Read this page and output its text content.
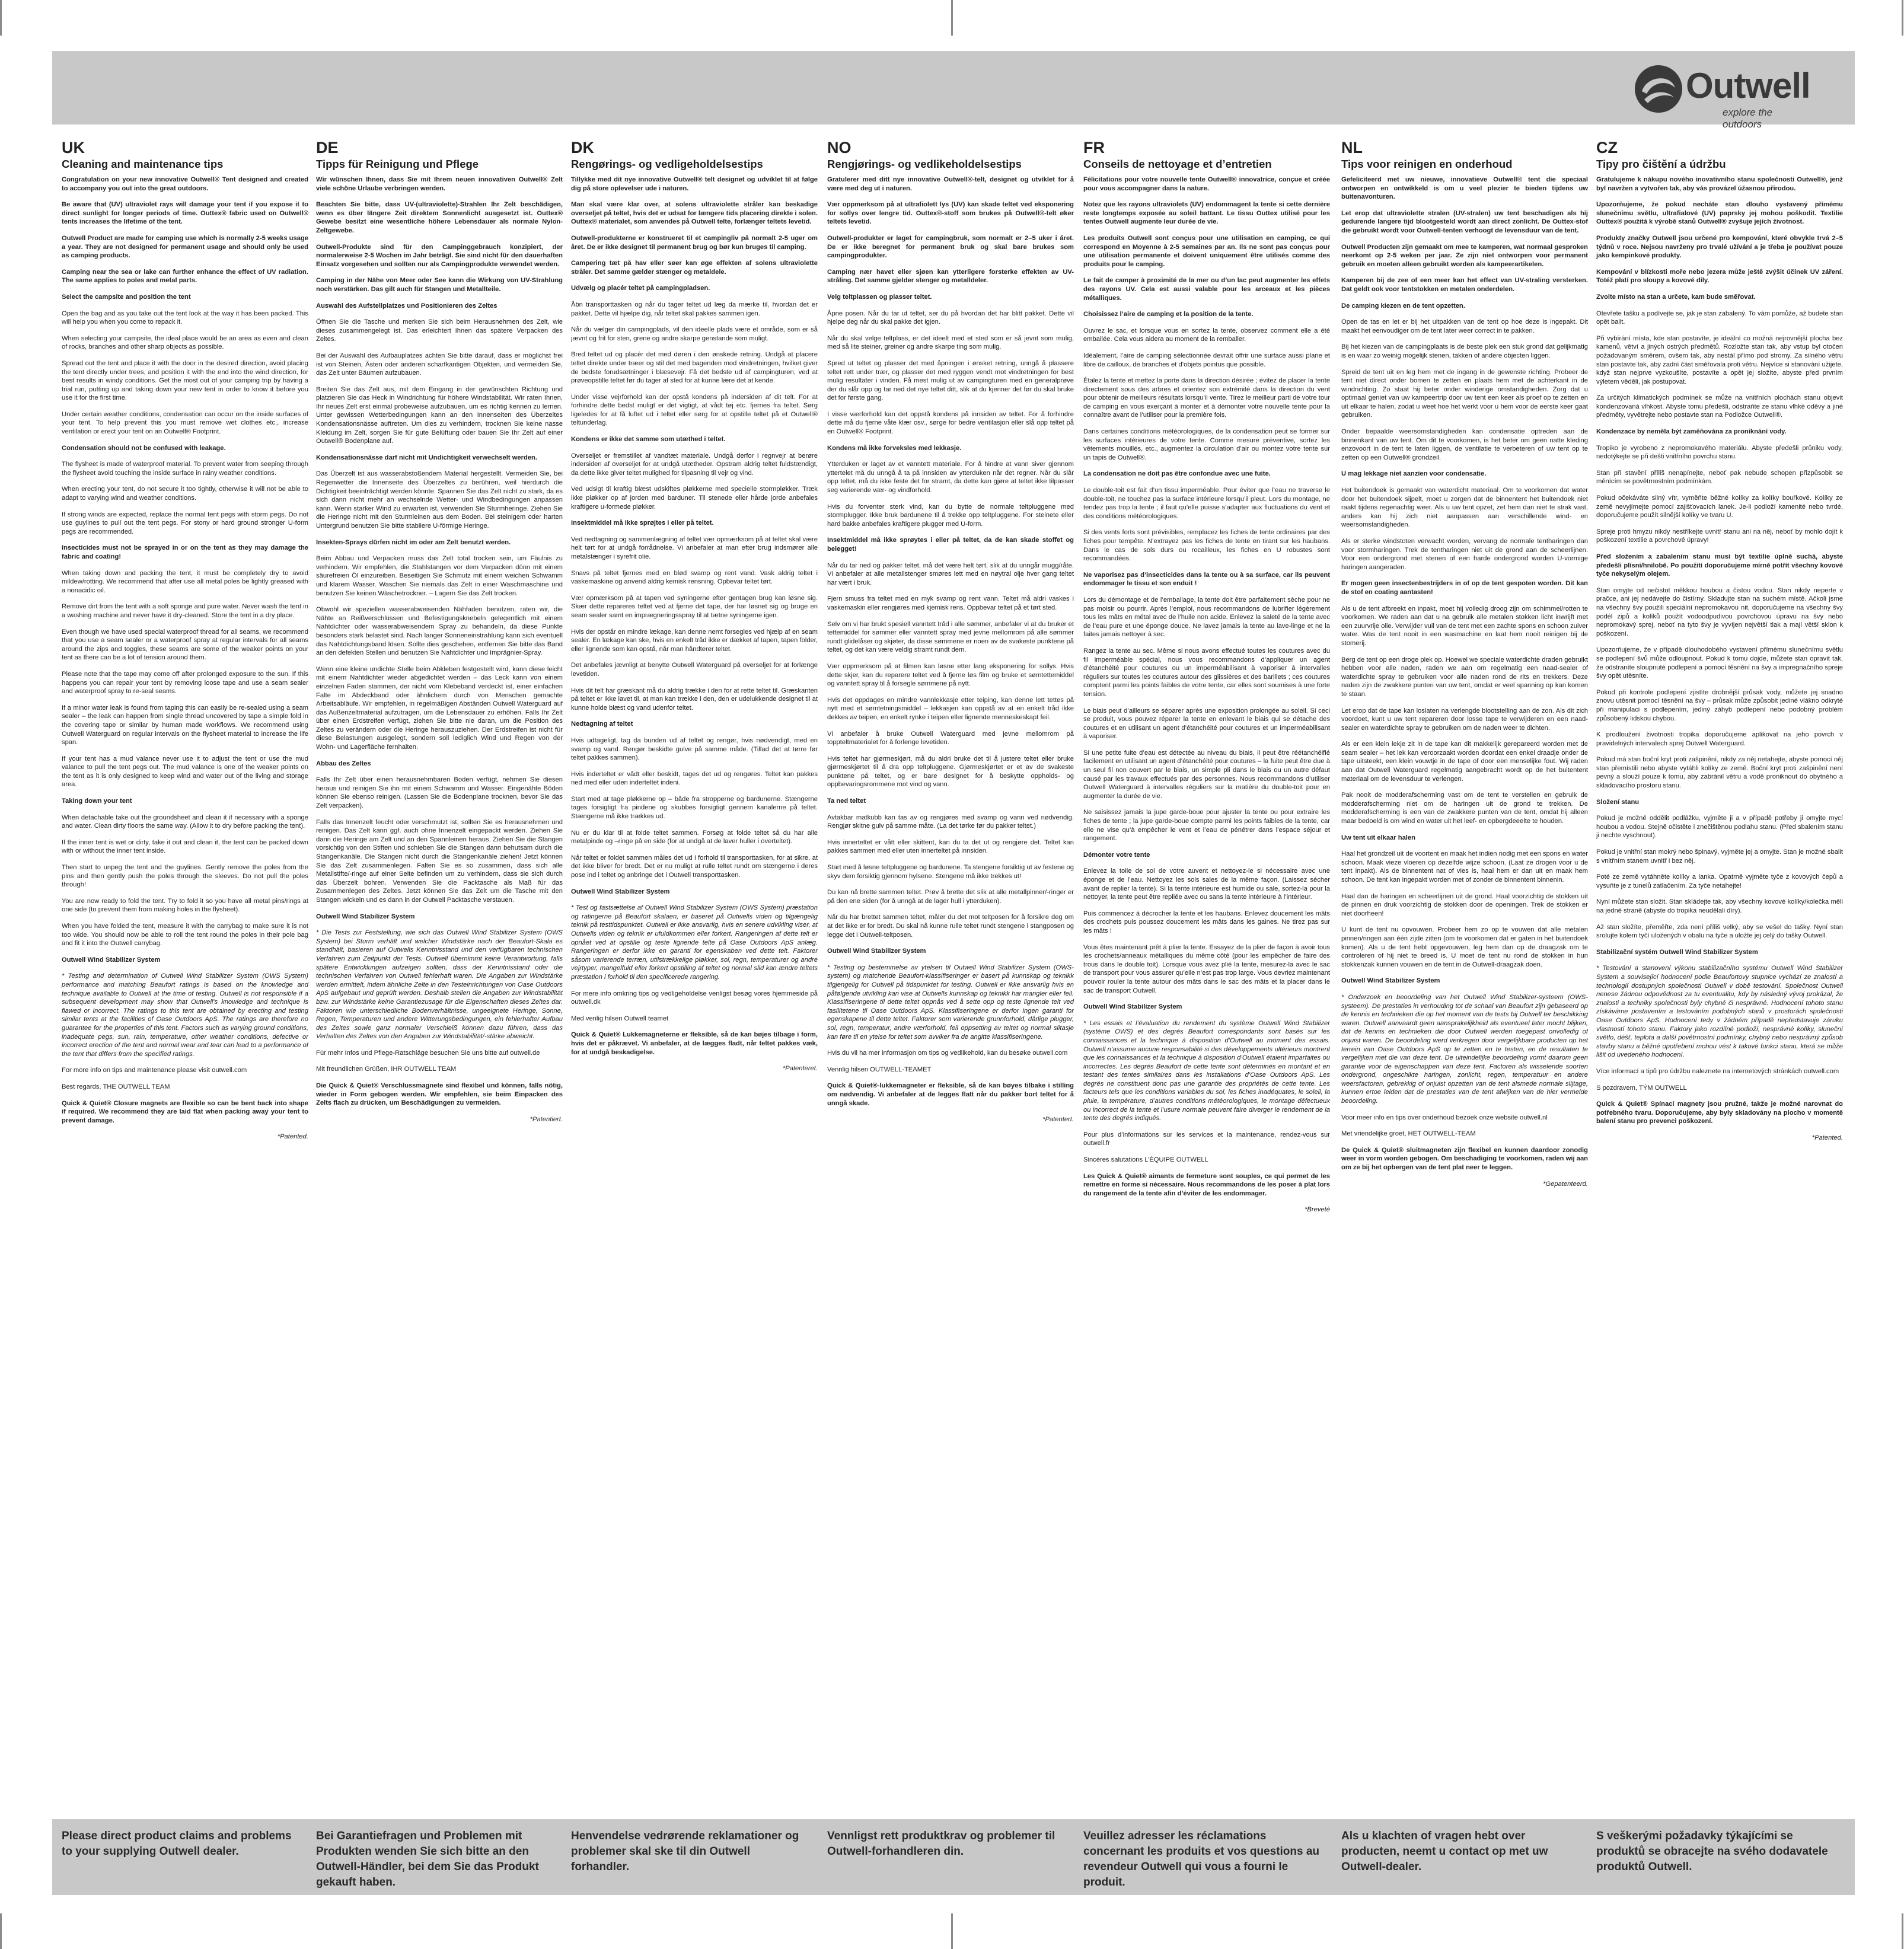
Outwell
explore the outdoors
UK
Cleaning and maintenance tips

Congratulation on your new innovative Outwell® Tent designed and created to accompany you out into the great outdoors.

Be aware that (UV) ultraviolet rays will damage your tent if you expose it to direct sunlight for longer periods of time. Outtex® fabric used on Outwell® tents increases the lifetime of the tent.

Outwell Product are made for camping use which is normally 2-5 weeks usage a year. They are not designed for permanent usage and should only be used as camping products.

Camping near the sea or lake can further enhance the effect of UV radiation. The same applies to poles and metal parts.

Select the campsite and position the tent

Open the bag and as you take out the tent look at the way it has been packed. This will help you when you come to repack it.

When selecting your campsite, the ideal place would be an area as even and clean of rocks, branches and other sharp objects as possible.

Spread out the tent and place it with the door in the desired direction, avoid placing the tent directly under trees, and position it with the end into the wind direction, for best results in windy conditions. Get the most out of your camping trip by having a trial run, putting up and taking down your new tent in order to know it before you use it for the first time.

Under certain weather conditions, condensation can occur on the inside surfaces of your tent. To help prevent this you must remove wet clothes etc., increase ventilation or erect your tent on an Outwell® Footprint.

Condensation should not be confused with leakage.

The flysheet is made of waterproof material. To prevent water from seeping through the flysheet avoid touching the inside surface in rainy weather conditions.

When erecting your tent, do not secure it too tightly, otherwise it will not be able to adapt to varying wind and weather conditions.

If strong winds are expected, replace the normal tent pegs with storm pegs. Do not use guylines to pull out the tent pegs. For stony or hard ground stronger U-form pegs are recommended.

Insecticides must not be sprayed in or on the tent as they may damage the fabric and coating!

When taking down and packing the tent, it must be completely dry to avoid mildew/rotting. We recommend that after use all metal poles be lightly greased with a nonacidic oil.

Remove dirt from the tent with a soft sponge and pure water. Never wash the tent in a washing machine and never have it dry-cleaned. Store the tent in a dry place.

Even though we have used special waterproof thread for all seams, we recommend that you use a seam sealer or a waterproof spray at regular intervals for all seams around the zips and toggles, these seams are some of the weaker points on your tent as there can be a lot of tension around them.

Please note that the tape may come off after prolonged exposure to the sun. If this happens you can repair your tent by removing loose tape and use a seam sealer and waterproof spray to re-seal seams.

If a minor water leak is found from taping this can easily be re-sealed using a seam sealer – the leak can happen from single thread uncovered by tape a simple fold in the covering tape or similar by human made workflows. We recommend using Outwell Waterguard on regular intervals on the flysheet material to increase the life span.

If your tent has a mud valance never use it to adjust the tent or use the mud valance to pull the tent pegs out. The mud valance is one of the weaker points on the tent as it is only designed to keep wind and water out of the living and storage area.

Taking down your tent

When detachable take out the groundsheet and clean it if necessary with a sponge and water. Clean dirty floors the same way. (Allow it to dry before packing the tent).

If the inner tent is wet or dirty, take it out and clean it, the tent can be packed down with or without the inner tent inside.

Then start to unpeg the tent and the guylines. Gently remove the poles from the pins and then gently push the poles through the sleeves. Do not pull the poles through!

You are now ready to fold the tent. Try to fold it so you have all metal pins/rings at one side (to prevent them from making holes in the flysheet).

When you have folded the tent, measure it with the carrybag to make sure it is not too wide. You should now be able to roll the tent round the poles in their pole bag and fit it into the Outwell carrybag.

Outwell Wind Stabilizer System

* Testing and determination of Outwell Wind Stabilizer System (OWS System) performance and matching Beaufort ratings is based on the knowledge and technique available to Outwell at the time of testing. Outwell is not responsible if a subsequent development may show that Outwell's knowledge and technique is flawed or incorrect. The ratings to this tent are obtained by erecting and testing similar tents at the facilities of Oase Outdoors ApS. The ratings are therefore no guarantee for the properties of this tent. Factors such as varying ground conditions, inadequate pegs, sun, rain, temperature, other weather conditions, defective or incorrect erection of the tent and normal wear and tear can lead to a performance of the tent that differs from the specified ratings.

For more info on tips and maintenance please visit outwell.com

Best regards, THE OUTWELL TEAM

Quick & Quiet® Closure magnets are flexible so can be bent back into shape if required. We recommend they are laid flat when packing away your tent to prevent damage.

*Patented.

DE
Tipps für Reinigung und Pflege

Wir wünschen Ihnen, dass Sie mit Ihrem neuen innovativen Outwell® Zelt viele schöne Urlaube verbringen werden.

Beachten Sie bitte, dass UV-(ultraviolette)-Strahlen Ihr Zelt beschädigen, wenn es über längere Zeit direktem Sonnenlicht ausgesetzt ist. Outtex® Gewebe besitzt eine wesentliche höhere Lebensdauer als normale Nylon-Zeltgewebe.

Outwell-Produkte sind für den Campinggebrauch konzipiert, der normalerweise 2-5 Wochen im Jahr beträgt. Sie sind nicht für den dauerhaften Einsatz vorgesehen und sollten nur als Campingprodukte verwendet werden.

Camping in der Nähe von Meer oder See kann die Wirkung von UV-Strahlung noch verstärken. Das gilt auch für Stangen und Metallteile.

Auswahl des Aufstellplatzes und Positionieren des Zeltes

Öffnen Sie die Tasche und merken Sie sich beim Herausnehmen des Zelt, wie dieses zusammengelegt ist. Das erleichtert Ihnen das spätere Verpacken des Zeltes.

Bei der Auswahl des Aufbauplatzes achten Sie bitte darauf, dass er möglichst frei ist von Steinen, Ästen oder anderen scharfkantigen Objekten, und vermeiden Sie, das Zelt unter Bäumen aufzubauen.

Breiten Sie das Zelt aus, mit dem Eingang in der gewünschten Richtung und platzieren Sie das Heck in Windrichtung für höhere Windstabilität. Wir raten Ihnen, Ihr neues Zelt erst einmal probeweise aufzubauen, um es richtig kennen zu lernen. Unter gewissen Wetterbedingungen kann an den Innenseiten des Überzeltes Kondensationsnässe auftreten. Um dies zu verhindern, trocknen Sie keine nasse Kleidung im Zelt, sorgen Sie für gute Belüftung oder bauen Sie Ihr Zelt auf einer Outwell® Bodenplane auf.

Kondensationsnässe darf nicht mit Undichtigkeit verwechselt werden.

Das Überzelt ist aus wasserabstoßendem Material hergestellt. Vermeiden Sie, bei Regenwetter die Innenseite des Überzeltes zu berühren, weil hierdurch die Dichtigkeit beeinträchtigt werden könnte. Spannen Sie das Zelt nicht zu stark, da es sich dann nicht mehr an wechselnde Wetter- und Windbedingungen anpassen kann. Wenn starker Wind zu erwarten ist, verwenden Sie Sturmheringe. Ziehen Sie die Heringe nicht mit den Sturmleinen aus dem Boden. Bei steinigem oder harten Untergrund benutzen Sie bitte stabilere U-förmige Heringe.

Insekten-Sprays dürfen nicht im oder am Zelt benutzt werden.

Beim Abbau und Verpacken muss das Zelt total trocken sein, um Fäulnis zu verhindern. Wir empfehlen, die Stahlstangen vor dem Verpacken dünn mit einem säurefreien Öl einzureiben. Beseitigen Sie Schmutz mit einem weichen Schwamm und klarem Wasser. Waschen Sie niemals das Zelt in einer Waschmaschine und benutzen Sie keinen Wäschetrockner. – Lagern Sie das Zelt trocken.

Obwohl wir speziellen wasserabweisenden Nähfaden benutzen, raten wir, die Nähte an Reißverschlüssen und Befestigungsknebeln gelegentlich mit einem Nahtdichter oder wasserabweisendem Spray zu behandeln, da diese Punkte besonders stark belastet sind. Nach langer Sonneneinstrahlung kann sich eventuell das Nahtdichtungsband lösen. Sollte dies geschehen, entfernen Sie bitte das Band an den defekten Stellen und benutzen Sie Nahtdichter und Imprägnier-Spray.

Wenn eine kleine undichte Stelle beim Abkleben festgestellt wird, kann diese leicht mit einem Nahtdichter wieder abgedichtet werden – das Leck kann von einem einzelnen Faden stammen, der nicht vom Klebeband verdeckt ist, einer einfachen Falte im Abdeckband oder ähnlichem durch von Menschen gemachte Arbeitsabläufe. Wir empfehlen, in regelmäßigen Abständen Outwell Waterguard auf das Außenzeltmaterial aufzutragen, um die Lebensdauer zu erhöhen. Falls Ihr Zelt über einen Erdstreifen verfügt, ziehen Sie bitte nie daran, um die Position des Zeltes zu verändern oder die Heringe herauszuziehen. Der Erdstreifen ist nicht für diese Belastungen ausgelegt, sondern soll lediglich Wind und Regen von der Wohn- und Lagerfläche fernhalten.

Abbau des Zeltes

Falls Ihr Zelt über einen herausnehmbaren Boden verfügt, nehmen Sie diesen heraus und reinigen Sie ihn mit einem Schwamm und Wasser. Eingenähte Böden können Sie ebenso reinigen. (Lassen Sie die Bodenplane trocknen, bevor Sie das Zelt verpacken).

Falls das Innenzelt feucht oder verschmutzt ist, sollten Sie es herausnehmen und reinigen. Das Zelt kann ggf. auch ohne Innenzelt eingepackt werden. Ziehen Sie dann die Heringe am Zelt und an den Spannleinen heraus. Ziehen Sie die Stangen vorsichtig von den Stiften und schieben Sie die Stangen dann behutsam durch die Stangenkanäle. Die Stangen nicht durch die Stangenkanäle ziehen! Jetzt können Sie das Zelt zusammenlegen. Falten Sie es so zusammen, dass sich alle Metallstifte/-ringe auf einer Seite befinden um zu verhindern, dass sie sich durch das Überzelt bohren. Verwenden Sie die Packtasche als Maß für das Zusammenlegen des Zeltes. Jetzt können Sie das Zelt um die Tasche mit den Stangen wickeln und es dann in der Outwell Packtasche verstauen.

Outwell Wind Stabilizer System

* Die Tests zur Feststellung, wie sich das Outwell Wind Stabilizer System (OWS System) bei Sturm verhält und welcher Windstärke nach der Beaufort-Skala es standhält, basieren auf Outwells Kenntnisstand und den verfügbaren technischen Verfahren zum Zeitpunkt der Tests. Outwell übernimmt keine Verantwortung, falls spätere Entwicklungen aufzeigen sollten, dass der Kenntnisstand oder die technischen Verfahren von Outwell fehlerhaft waren. Die Angaben zur Windstärke werden ermittelt, indem ähnliche Zelte in den Testeinrichtungen von Oase Outdoors ApS aufgebaut und geprüft werden. Deshalb stellen die Angaben zur Windstabilität bzw. zur Windstärke keine Garantiezusage für die Eigenschaften dieses Zeltes dar. Faktoren wie unterschiedliche Bodenverhältnisse, ungeeignete Heringe, Sonne, Regen, Temperaturen und andere Witterungsbedingungen, ein fehlerhafter Aufbau des Zeltes sowie ganz normaler Verschleiß können dazu führen, dass das Verhalten des Zeltes von den Angaben zur Windstabilität/-stärke abweicht.

Für mehr Infos und Pflege-Ratschläge besuchen Sie uns bitte auf outwell.de

Mit freundlichen Grüßen, IHR OUTWELL TEAM

Die Quick & Quiet® Verschlussmagnete sind flexibel und können, falls nötig, wieder in Form gebogen werden. Wir empfehlen, sie beim Einpacken des Zelts flach zu drücken, um Beschädigungen zu vermeiden.

*Patentiert.

DK
Rengørings- og vedligeholdelsestips

Tillykke med dit nye innovative Outwell® telt designet og udviklet til at følge dig på store oplevelser ude i naturen.

Man skal være klar over, at solens ultraviolette stråler kan beskadige overseljet på teltet, hvis det er udsat for længere tids placering direkte i solen. Outtex® materialet, som anvendes på Outwell telte, forlænger teltets levetid.

Outwell-produkterne er konstrueret til et campingliv på normalt 2-5 uger om året. De er ikke designet til permanent brug og bør kun bruges til camping.

Campering tæt på hav eller søer kan øge effekten af solens ultraviolette stråler. Det samme gælder stænger og metaldele.

Udvælg og placér teltet på campingpladsen.

Åbn transporttasken og når du tager teltet ud læg da mærke til, hvordan det er pakket. Dette vil hjælpe dig, når teltet skal pakkes sammen igen.

Når du vælger din campingplads, vil den ideelle plads være et område, som er så jævnt og frit for sten, grene og andre skarpe genstande som muligt.

Bred teltet ud og placér det med døren i den ønskede retning. Undgå at placere teltet direkte under træer og stil det med bagenden mod vindretningen, hvilket giver de bedste forudsætninger i blæsevejr. Få det bedste ud af campingturen, ved at prøveopstille teltet før du tager af sted for at kunne lære det at kende.

Under visse vejrforhold kan der opstå kondens på indersiden af dit telt. For at forhindre dette bedst muligt er det vigtigt, at vådt tøj etc. fjernes fra teltet. Sørg ligeledes for at få luftet ud i teltet eller sørg for at opstille teltet på et Outwell® teltunderlag.

Kondens er ikke det samme som utæthed i teltet.

Overseljet er fremstillet af vandtæt materiale. Undgå derfor i regnvejr at berøre indersiden af overseljet for at undgå utætheder. Opstram aldrig teltet fuldstændigt, da dette ikke giver teltet mulighed for tilpasning til vejr og vind.

Ved udsigt til kraftig blæst udskiftes pløkkerne med specielle stormpløkker. Træk ikke pløkker op af jorden med barduner. Til stenede eller hårde jorde anbefales kraftigere u-formede pløkker.

Insektmiddel må ikke sprøjtes i eller på teltet.

Ved nedtagning og sammenlægning af teltet vær opmærksom på at teltet skal være helt tørt for at undgå forrådnelse. Vi anbefaler at man efter brug indsmører alle metalstænger i syrefrit olie.

Snavs på teltet fjernes med en blød svamp og rent vand. Vask aldrig teltet i vaskemaskine og anvend aldrig kemisk rensning. Opbevar teltet tørt.

Vær opmærksom på at tapen ved syningerne efter gentagen brug kan løsne sig. Skær dette repareres teltet ved at fjerne det tape, der har løsnet sig og bruge en seam sealer samt en imprægneringsspray til at tætne syningerne igen.

Hvis der opstår en mindre lækage, kan denne nemt forsegles ved hjælp af en seam sealer. En lækage kan ske, hvis en enkelt tråd ikke er dækket af tapen, tapen folder, eller lignende som kan opstå, når man håndterer teltet.

Det anbefales jævnligt at benytte Outwell Waterguard på overseljet for at forlænge levetiden.

Hvis dit telt har græskant må du aldrig trække i den for at rette teltet til. Græskanten på teltet er ikke lavet til, at man kan trække i den, den er udelukkende designet til at kunne holde blæst og vand udenfor teltet.

Nedtagning af teltet

Hvis udtageligt, tag da bunden ud af teltet og rengør, hvis nødvendigt, med en svamp og vand. Rengør beskidte gulve på samme måde. (Tillad det at tørre før teltet pakkes sammen).

Hvis inderteltet er vådt eller beskidt, tages det ud og rengøres. Teltet kan pakkes ned med eller uden inderteltet indeni.

Start med at tage pløkkerne op – både fra stropperne og bardunerne. Stængerne tages forsigtigt fra pindene og skubbes forsigtigt gennem kanalerne på teltet. Stængerne må ikke trækkes ud.

Nu er du klar til at folde teltet sammen. Forsøg at folde teltet så du har alle metalpinde og –ringe på en side (for at undgå at de laver huller i overteltet).

Når teltet er foldet sammen måles det ud i forhold til transporttasken, for at sikre, at det ikke bliver for bredt. Det er nu muligt at rulle teltet rundt om stængerne i deres pose ind i teltet og anbringe det i Outwell transporttasken.

Outwell Wind Stabilizer System

* Test og fastsættelse af Outwell Wind Stabilizer System (OWS System) præstation og ratingerne på Beaufort skalaen, er baseret på Outwells viden og tilgængelig teknik på testtidspunktet. Outwell er ikke ansvarlig, hvis en senere udvikling viser, at Outwells viden og teknik er ufuldkommen eller forkert. Rangeringen af dette telt er opnået ved at opstille og teste lignende telte på Oase Outdoors ApS anlæg. Rangeringen er derfor ikke en garanti for egenskaben ved dette telt. Faktorer såsom varierende terræn, utilstrækkelige pløkker, sol, regn, temperaturer og andre vejrtyper, mangelfuld eller forkert opstilling af teltet og normal slid kan ændre teltets præstation i forhold til den specificerede rangering.

For mere info omkring tips og vedligeholdelse venligst besøg vores hjemmeside på outwell.dk

Med venlig hilsen Outwell teamet

Quick & Quiet® Lukkemagneterne er fleksible, så de kan bøjes tilbage i form, hvis det er påkrævet. Vi anbefaler, at de lægges fladt, når teltet pakkes væk, for at undgå beskadigelse.

*Patenteret.

NO
Rengjørings- og vedlikeholdelsestips

Gratulerer med ditt nye innovative Outwell®-telt, designet og utviklet for å være med deg ut i naturen.

Vær oppmerksom på at ultrafiolett lys (UV) kan skade teltet ved eksponering for sollys over lengre tid. Outtex®-stoff som brukes på Outwell®-telt øker teltets levetid.

Outwell-produkter er laget for campingbruk, som normalt er 2–5 uker i året. De er ikke beregnet for permanent bruk og skal bare brukes som campingprodukter.

Camping nær havet eller sjøen kan ytterligere forsterke effekten av UV-stråling. Det samme gjelder stenger og metalldeler.

Velg teltplassen og plasser teltet.

Åpne posen. Når du tar ut teltet, ser du på hvordan det har blitt pakket. Dette vil hjelpe deg når du skal pakke det igjen.

Når du skal velge teltplass, er det ideelt med et sted som er så jevnt som mulig, med så lite steiner, greiner og andre skarpe ting som mulig.

Spred ut teltet og plasser det med åpningen i ønsket retning, unngå å plassere teltet rett under trær, og plasser det med ryggen vendt mot vindretningen for best mulig resultater i vinden. Få mest mulig ut av campingturen med en generalprøve der du slår opp og tar ned det nye teltet ditt, slik at du kjenner det før du skal bruke det for første gang.

I visse værforhold kan det oppstå kondens på innsiden av teltet. For å forhindre dette må du fjerne våte klær osv., sørge for bedre ventilasjon eller slå opp teltet på en Outwell® Footprint.

Kondens må ikke forveksles med lekkasje.

Ytterduken er laget av et vanntett materiale. For å hindre at vann siver gjennom yttertelet må du unngå å ta på innsiden av ytterduken når det regner. Når du slår opp teltet, må du ikke feste det for stramt, da dette kan gjøre at teltet ikke tilpasser seg varierende vær- og vindforhold.

Hvis du forventer sterk vind, kan du bytte de normale teltpluggene med stormplugger. Ikke bruk bardunene til å trekke opp teltpluggene. For steinete eller hard bakke anbefales kraftigere plugger med U-form.

Insektmiddel må ikke sprøytes i eller på teltet, da de kan skade stoffet og belegget!

Når du tar ned og pakker teltet, må det være helt tørt, slik at du unngår mugg/råte. Vi anbefaler at alle metallstenger smøres lett med en nøytral olje hver gang teltet har vært i bruk.

Fjern smuss fra teltet med en myk svamp og rent vann. Teltet må aldri vaskes i vaskemaskin eller rengjøres med kjemisk rens. Oppbevar teltet på et tørt sted.

Selv om vi har brukt spesiell vanntett tråd i alle sømmer, anbefaler vi at du bruker et tettemiddel for sømmer eller vanntett spray med jevne mellomrom på alle sømmer rundt glidelåser og skjøter, da disse sømmene er noen av de svakeste punktene på teltet, og det kan være veldig stramt rundt dem.

Vær oppmerksom på at filmen kan løsne etter lang eksponering for sollys. Hvis dette skjer, kan du reparere teltet ved å fjerne løs film og bruke et sømtettemiddel og vanntett spray til å forsegle sømmene på nytt.

Hvis det oppdages en mindre vannlekkasje etter teiping, kan denne lett tettes på nytt med et sømtetningsmiddel – lekkasjen kan oppstå av at en enkelt tråd ikke dekkes av teipen, en enkelt rynke i teipen eller lignende menneskeskapt feil.

Vi anbefaler å bruke Outwell Waterguard med jevne mellomrom på toppteltmaterialet for å forlenge levetiden.

Hvis teltet har gjørmeskjørt, må du aldri bruke det til å justere teltet eller bruke gjørmeskjørtet til å dra opp teltpluggene. Gjørmeskjørtet er et av de svakeste punktene på teltet, og er bare designet for å beskytte oppholds- og oppbevaringsrommene mot vind og vann.

Ta ned teltet

Avtakbar matkubb kan tas av og rengjøres med svamp og vann ved nødvendig. Rengjør skitne gulv på samme måte. (La det tørke før du pakker teltet.)

Hvis innerteltet er vått eller skittent, kan du ta det ut og rengjøre det. Teltet kan pakkes sammen med eller uten innerteltet på innsiden.

Start med å løsne teltpluggene og bardunene. Ta stengene forsiktig ut av festene og skyv dem forsiktig gjennom hylsene. Stengene må ikke trekkes ut!

Du kan nå brette sammen teltet. Prøv å brette det slik at alle metallpinner/-ringer er på den ene siden (for å unngå at de lager hull i ytterduken).

Når du har brettet sammen teltet, måler du det mot teltposen for å forsikre deg om at det ikke er for bredt. Du skal nå kunne rulle teltet rundt stengene i stangposen og legge det i Outwell-teltposen.

Outwell Wind Stabilizer System

* Testing og bestemmelse av ytelsen til Outwell Wind Stabilizer System (OWS-system) og matchende Beaufort-klassifiseringer er basert på kunnskap og teknikk tilgjengelig for Outwell på tidspunktet for testing. Outwell er ikke ansvarlig hvis en påfølgende utvikling kan vise at Outwells kunnskap og teknikk har mangler eller feil. Klassifiseringene til dette teltet oppnås ved å sette opp og teste lignende telt ved fasilitetene til Oase Outdoors ApS. Klassifiseringene er derfor ingen garanti for egenskapene til dette teltet. Faktorer som varierende grunnforhold, dårlige plugger, sol, regn, temperatur, andre værforhold, feil oppsetting av teltet og normal slitasje kan føre til en ytelse for teltet som avviker fra de angitte klassifiseringene.

Hvis du vil ha mer informasjon om tips og vedlikehold, kan du besøke outwell.com

Vennlig hilsen OUTWELL-TEAMET

Quick & Quiet®-lukkemagneter er fleksible, så de kan bøyes tilbake i stilling om nødvendig. Vi anbefaler at de legges flatt når du pakker bort teltet for å unngå skade.

*Patentert.

FR
Conseils de nettoyage et d’entretien

Félicitations pour votre nouvelle tente Outwell® innovatrice, conçue et créée pour vous accompagner dans la nature.

Notez que les rayons ultraviolets (UV) endommagent la tente si cette dernière reste longtemps exposée au soleil battant. Le tissu Outtex utilisé pour les tentes Outwell augmente leur durée de vie.

Les produits Outwell sont conçus pour une utilisation en camping, ce qui correspond en Moyenne à 2-5 semaines par an. Ils ne sont pas conçus pour une utilisation permanente et doivent uniquement être utilisés comme des produits pour le camping.

Le fait de camper à proximité de la mer ou d’un lac peut augmenter les effets des rayons UV. Cela est aussi valable pour les arceaux et les pièces métalliques.

Choisissez l’aire de camping et la position de la tente.

Ouvrez le sac, et lorsque vous en sortez la tente, observez comment elle a été emballée. Cela vous aidera au moment de la remballer.

Idéalement, l’aire de camping sélectionnée devrait offrir une surface aussi plane et libre de cailloux, de branches et d’objets pointus que possible.

Étalez la tente et mettez la porte dans la direction désirée ; évitez de placer la tente directement sous des arbres et orientez son extrémité dans la direction du vent pour obtenir de meilleurs résultats lorsqu’il vente. Tirez le meilleur parti de votre tour de camping en vous exerçant à monter et à démonter votre nouvelle tente pour la connaître avant de l’utiliser pour la première fois.

Dans certaines conditions météorologiques, de la condensation peut se former sur les surfaces intérieures de votre tente. Comme mesure préventive, sortez les vêtements mouillés, etc., augmentez la circulation d’air ou montez votre tente sur un tapis de Outwell®.

La condensation ne doit pas être confondue avec une fuite.

Le double-toit est fait d’un tissu imperméable. Pour éviter que l’eau ne traverse le double-toit, ne touchez pas la surface intérieure lorsqu’il pleut. Lors du montage, ne tendez pas trop la tente ; il faut qu’elle puisse s’adapter aux fluctuations du vent et des conditions météorologiques.

Si des vents forts sont prévisibles, remplacez les fiches de tente ordinaires par des fiches pour tempête. N’extrayez pas les fiches de tente en tirant sur les haubans. Dans le cas de sols durs ou rocailleux, les fiches en U robustes sont recommandées.

Ne vaporisez pas d’insecticides dans la tente ou à sa surface, car ils peuvent endommager le tissu et son enduit !

Lors du démontage et de l’emballage, la tente doit être parfaitement sèche pour ne pas moisir ou pourrir. Après l’emploi, nous recommandons de lubrifier légèrement tous les mâts en métal avec de l’huile non acide. Enlevez la saleté de la tente avec de l’eau pure et une éponge douce. Ne lavez jamais la tente au lave-linge et ne la faites jamais nettoyer à sec.

Rangez la tente au sec. Même si nous avons effectué toutes les coutures avec du fil imperméable spécial, nous vous recommandons d’appliquer un agent d’étanchéité pour coutures ou un imperméabilisant à vaporiser à intervalles réguliers sur toutes les coutures autour des glissières et des barillets ; ces coutures comptent parmi les points faibles de votre tente, car elles sont soumises à une forte tension.

Le biais peut d’ailleurs se séparer après une exposition prolongée au soleil. Si ceci se produit, vous pouvez réparer la tente en enlevant le biais qui se détache des coutures et en utilisant un agent d’étanchéité pour coutures et un imperméabilisant à vaporiser.

Si une petite fuite d’eau est détectée au niveau du biais, il peut être réétanchéifié facilement en utilisant un agent d’étanchéité pour coutures – la fuite peut être due à un seul fil non couvert par le biais, un simple pli dans le biais ou un autre défaut causé par les travaux effectués par des personnes. Nous recommandons d’utiliser Outwell Waterguard à intervalles réguliers sur la matière du double-toit pour en augmenter la durée de vie.

Ne saisissez jamais la jupe garde-boue pour ajuster la tente ou pour extraire les fiches de tente ; la jupe garde-boue compte parmi les points faibles de la tente, car elle ne vise qu’à empêcher le vent et l’eau de pénétrer dans l’espace séjour et rangement.

Démonter votre tente

Enlevez la toile de sol de votre auvent et nettoyez-le si nécessaire avec une éponge et de l’eau. Nettoyez les sols sales de la même façon. (Laissez sécher avant de replier la tente). Si la tente intérieure est humide ou sale, sortez-la pour la nettoyer, la tente peut être repliée avec ou sans la tente intérieure à l’intérieur.

Puis commencez à décrocher la tente et les haubans. Enlevez doucement les mâts des crochets puis poussez doucement les mâts dans les gaines. Ne tirez pas sur les mâts !

Vous êtes maintenant prêt à plier la tente. Essayez de la plier de façon à avoir tous les crochets/anneaux métalliques du même côté (pour les empêcher de faire des trous dans le double toit). Lorsque vous avez plié la tente, mesurez-la avec le sac de transport pour vous assurer qu’elle n’est pas trop large. Vous devriez maintenant pouvoir rouler la tente autour des mâts dans le sac des mâts et la placer dans le sac de transport Outwell.

Outwell Wind Stabilizer System

* Les essais et l’évaluation du rendement du système Outwell Wind Stabilizer (système OWS) et des degrés Beaufort correspondants sont basés sur les connaissances et la technique à disposition d’Outwell au moment des essais. Outwell n’assume aucune responsabilité si des développements ultérieurs montrent que les connaissances et la technique à disposition d’Outwell étaient imparfaites ou incorrectes. Les degrés Beaufort de cette tente sont déterminés en montant et en testant des tentes similaires dans les installations d’Oase Outdoors ApS. Les degrés ne constituent donc pas une garantie des propriétés de cette tente. Les facteurs tels que les conditions variables du sol, les fiches inadéquates, le soleil, la pluie, la température, d’autres conditions météorologiques, le montage défectueux ou incorrect de la tente et l’usure normale peuvent faire diverger le rendement de la tente des degrés indiqués.

Pour plus d’informations sur les services et la maintenance, rendez-vous sur outwell.fr

Sincères salutations L’ÉQUIPE OUTWELL

Les Quick & Quiet® aimants de fermeture sont souples, ce qui permet de les remettre en forme si nécessaire. Nous recommandons de les poser à plat lors du rangement de la tente afin d’éviter de les endommager.

*Breveté

NL
Tips voor reinigen en onderhoud

Gefeliciteerd met uw nieuwe, innovatieve Outwell® tent die speciaal ontworpen en ontwikkeld is om u veel plezier te bieden tijdens uw buitenavonturen.

Let erop dat ultraviolette stralen (UV-stralen) uw tent beschadigen als hij gedurende langere tijd blootgesteld wordt aan direct zonlicht. De Outtex-stof die gebruikt wordt voor Outwell-tenten verhoogt de levensduur van de tent.

Outwell Producten zijn gemaakt om mee te kamperen, wat normaal gesproken neerkomt op 2-5 weken per jaar. Ze zijn niet ontworpen voor permanent gebruik en moeten alleen gebruikt worden als kampeerartikelen.

Kamperen bij de zee of een meer kan het effect van UV-straling versterken. Dat geldt ook voor tentstokken en metalen onderdelen.

De camping kiezen en de tent opzetten.

Open de tas en let er bij het uitpakken van de tent op hoe deze is ingepakt. Dit maakt het eenvoudiger om de tent later weer correct in te pakken.

Bij het kiezen van de campingplaats is de beste plek een stuk grond dat gelijkmatig is en waar zo weinig mogelijk stenen, takken of andere objecten liggen.

Spreid de tent uit en leg hem met de ingang in de gewenste richting. Probeer de tent niet direct onder bomen te zetten en plaats hem met de achterkant in de windrichting. Zo staat hij beter onder winderige omstandigheden. Zorg dat u optimaal geniet van uw kampeertrip door uw tent een keer als proef op te zetten en uit elkaar te halen, zodat u weet hoe het werkt voor u hem voor de eerste keer gaat gebruiken.

Onder bepaalde weersomstandigheden kan condensatie optreden aan de binnenkant van uw tent. Om dit te voorkomen, is het beter om geen natte kleding enzovoort in de tent te laten liggen, de ventilatie te verbeteren of uw tent op te zetten op een Outwell® grondzeil.

U mag lekkage niet aanzien voor condensatie.

Het buitendoek is gemaakt van waterdicht materiaal. Om te voorkomen dat water door het buitendoek sijpelt, moet u zorgen dat de binnentent het buitendoek niet raakt tijdens regenachtig weer. Als u uw tent opzet, zet hem dan niet te strak vast, anders kan hij zich niet aanpassen aan verschillende wind- en weersomstandigheden.

Als er sterke windstoten verwacht worden, vervang de normale tentharingen dan voor stormharingen. Trek de tentharingen niet uit de grond aan de scheerlijnen. Voor een ondergrond met stenen of een harde ondergrond worden U-vormige haringen aangeraden.

Er mogen geen insectenbestrijders in of op de tent gespoten worden. Dit kan de stof en coating aantasten!

Als u de tent afbreekt en inpakt, moet hij volledig droog zijn om schimmel/rotten te voorkomen. We raden aan dat u na gebruik alle metalen stokken licht inwrijft met een zuurvrije olie. Verwijder vuil van de tent met een zachte spons en schoon zuiver water. Was de tent nooit in een wasmachine en laat hem nooit reinigen bij de stomerij.

Berg de tent op een droge plek op. Hoewel we speciale waterdichte draden gebruikt hebben voor alle naden, raden we aan om regelmatig een naad-sealer of waterdichte spray te gebruiken voor alle naden rond de rits en trekkers. Deze naden zijn de zwakkere punten van uw tent, omdat er veel spanning op kan komen te staan.

Let erop dat de tape kan loslaten na verlengde blootstelling aan de zon. Als dit zich voordoet, kunt u uw tent repareren door losse tape te verwijderen en een naad-sealer en waterdichte spray te gebruiken om de naden weer te dichten.

Als er een klein lekje zit in de tape kan dit makkelijk gerepareerd worden met de seam sealer – het lek kan veroorzaakt worden doordat een enkel draadje onder de tape uitsteekt, een klein vouwtje in de tape of door een menselijke fout. Wij raden aan dat Outwell Waterguard regelmatig aangebracht wordt op de het buitentent materiaal om de levensduur te verlengen.

Pak nooit de modderafscherming vast om de tent te verstellen en gebruik de modderafscherming niet om de haringen uit de grond te trekken. De modderafscherming is een van de zwakkere punten van de tent, omdat hij alleen maar bedoeld is om wind en water uit het leef- en opbergdeeelte te houden.

Uw tent uit elkaar halen

Haal het grondzeil uit de voortent en maak het indien nodig met een spons en water schoon. Maak vieze vloeren op dezelfde wijze schoon. (Laat ze drogen voor u de tent inpakt). Als de binnentent nat of vies is, haal hem er dan uit en maak hem schoon. De tent kan ingepakt worden met of zonder de binnentent binnenin.

Haal dan de haringen en scheerlijnen uit de grond. Haal voorzichtig de stokken uit de pinnen en druk voorzichtig de stokken door de openingen. Trek de stokken er niet doorheen!

U kunt de tent nu opvouwen. Probeer hem zo op te vouwen dat alle metalen pinnen/ringen aan één zijde zitten (om te voorkomen dat er gaten in het buitendoek komen). Als u de tent hebt opgevouwen, leg hem dan op de draagzak om te controleren of hij niet te breed is. U moet de tent nu rond de stokken in hun stokkenzak kunnen vouwen en de tent in de Outwell-draagzak doen.

Outwell Wind Stabilizer System

* Onderzoek en beoordeling van het Outwell Wind Stabilizer-systeem (OWS-systeem). De prestaties in verhouding tot de schaal van Beaufort zijn gebaseerd op de kennis en technieken die op het moment van de tests bij Outwell ter beschikking waren. Outwell aanvaardt geen aansprakelijkheid als eventueel later mocht blijken, dat de kennis en technieken die door Outwell werden toegepast onvolledig of onjuist waren. De beoordeling werd verkregen door vergelijkbare producten op het terrein van Oase Outdoors ApS op te zetten en te testen, en de resultaten te vergelijken met die van deze tent. De uiteindelijke beoordeling vormt daarom geen garantie voor de eigenschappen van deze tent. Factoren als wisselende soorten ondergrond, ongeschikte haringen, zonlicht, regen, temperatuur en andere weersfactoren, gebrekkig of onjuist opzetten van de tent alsmede normale slijtage, kunnen ertoe leiden dat de prestaties van de tent afwijken van de hier vermelde beoordeling.

Voor meer info en tips over onderhoud bezoek onze website outwell.nl

Met vriendelijke groet, HET OUTWELL-TEAM

De Quick & Quiet® sluitmagneten zijn flexibel en kunnen daardoor zonodig weer in vorm worden gebogen. Om beschadiging te voorkomen, raden wij aan om ze bij het opbergen van de tent plat neer te leggen.

*Gepatenteerd.

CZ
Tipy pro čištění a údržbu

Gratulujeme k nákupu nového inovativního stanu společnosti Outwell®, jenž byl navržen a vytvořen tak, aby vás provázel úžasnou přírodou.

Upozorňujeme, že pokud necháte stan dlouho vystavený přímému slunečnímu světlu, ultrafialové (UV) paprsky jej mohou poškodit. Textilie Outtex® použitá k výrobě stanů Outwell® zvyšuje jejich životnost.

Produkty značky Outwell jsou určené pro kempování, které obvykle trvá 2–5 týdnů v roce. Nejsou navrženy pro trvalé užívání a je třeba je používat pouze jako kempinkové produkty.

Kempování v blízkosti moře nebo jezera může ještě zvýšit účinek UV záření. Totéž platí pro sloupy a kovové díly.

Zvolte místo na stan a určete, kam bude směřovat.

Otevřete tašku a podívejte se, jak je stan zabalený. To vám pomůže, až budete stan opět balit.

Při vybírání místa, kde stan postavíte, je ideální co možná nejrovnější plocha bez kamenů, větví a jiných ostrých předmětů. Rozložte stan tak, aby vstup byl otočen požadovaným směrem, ovšem tak, aby nestál přímo pod stromy. Za silného větru stan postavte tak, aby zadní část směřovala proti větru. Nejvíce si stanování užijete, když stan nejprve vyzkoušíte, postavíte a opět jej složíte, abyste před prvním výletem věděli, jak postupovat.

Za určitých klimatických podmínek se může na vnitřních plochách stanu objevit kondenzovaná vlhkost. Abyste tomu předešli, odstraňte ze stanu vlhké oděvy a jiné předměty, vyvětrejte nebo postavte stan na Podložce Outwell®.

Kondenzace by neměla být zaměňována za proniknání vody.

Tropiko je vyrobeno z nepromokavého materiálu. Abyste předešli průniku vody, nedotýkejte se při dešti vnitřního povrchu stanu.

Stan při stavění příliš nenapínejte, neboť pak nebude schopen přizpůsobit se měnícím se povětrnostním podmínkám.

Pokud očekáváte silný vítr, vyměňte běžné kolíky za kolíky bouřkové. Kolíky ze země nevyjímejte pomocí zajišťovacích lanek. Je-li podloží kamenité nebo tvrdé, doporučujeme použít silnější kolíky ve tvaru U.

Spreje proti hmyzu nikdy nestříkejte uvnitř stanu ani na něj, neboť by mohlo dojít k poškození textilie a povrchové úpravy!

Před složením a zabalením stanu musí být textilie úplně suchá, abyste předešli plísni/hnilobě. Po použití doporučujeme mírně potřít všechny kovové tyče nekyselým olejem.

Stan omyjte od nečistot měkkou houbou a čistou vodou. Stan nikdy neperte v pračce, ani jej nedávejte do čistírny. Skladujte stan na suchém místě. Ačkoli jsme na všechny švy použili speciální nepromokavou nit, doporučujeme na všechny švy podél zipů a kolíků použít vodoodpudivou povrchovou úpravu na švy nebo nepromokavý sprej, neboť na tyto švy je vyvíjen největší tlak a mají větší sklon k poškození.

Upozorňujeme, že v případě dlouhodobého vystavení přímému slunečnímu světlu se podlepení švů může odloupnout. Pokud k tomu dojde, můžete stan opravit tak, že odstraníte sloupnuté podlepení a pomocí těsnění na švy a impregnačního spreje švy opět utěsníte.

Pokud při kontrole podlepení zjistíte drobnější průsak vody, můžete jej snadno znovu utěsnit pomocí těsnění na švy – průsak může způsobit jediné vlákno odkryté při manipulaci s podlepením, jediný záhyb podlepení nebo podobný problém způsobený lidskou chybou.

K prodloužení životnosti tropika doporučujeme aplikovat na jeho povrch v pravidelných intervalech sprej Outwell Waterguard.

Pokud má stan boční kryt proti zašpinění, nikdy za něj netahejte, abyste pomocí něj stan přemístili nebo abyste vytáhli kolíky ze země. Boční kryt proti zašpinění není pevný a slouží pouze k tomu, aby zabránil větru a vodě proniknout do obytného a skladovacího prostoru stanu.

Složení stanu

Pokud je možné oddělit podlážku, vyjměte ji a v případě potřeby ji omyjte mycí houbou a vodou. Stejně očistěte i znečištěnou podlahu stanu. (Před sbalením stanu ji nechte vyschnout).

Pokud je vnitřní stan mokrý nebo špinavý, vyjměte jej a omyjte. Stan je možné sbalit s vnitřním stanem uvnitř i bez něj.

Poté ze země vytáhněte kolíky a lanka. Opatrně vyjměte tyče z kovových čepů a vysuňte je z tunelů zatlačením. Za tyče netahejte!

Nyní můžete stan složit. Stan skládejte tak, aby všechny kovové kolíky/kolečka měli na jedné straně (abyste do tropika neudělali díry).

Až stan složíte, přeměřte, zda není příliš velký, aby se vešel do tašky. Nyní stan srolujte kolem tyčí uložených v obalu na tyče a uložte jej celý do tašky Outwell.

Stabilizační systém Outwell Wind Stabilizer System

* Testování a stanovení výkonu stabilizačního systému Outwell Wind Stabilizer System a související hodnocení podle Beaufortovy stupnice vychází ze znalostí a technologií dostupných společnosti Outwell v době testování. Společnost Outwell nenese žádnou odpovědnost za tu eventualitu, kdy by následný vývoj prokázal, že znalosti a techniky společnosti byly chybné či nesprávné. Hodnocení tohoto stanu získáváme postavením a testováním podobných stanů v prostorách společnosti Oase Outdoors ApS. Hodnocení tedy v žádném případě nepředstavuje záruku vlastností tohoto stanu. Faktory jako rozdílné podloží, nesprávné kolíky, sluneční světlo, déšť, teplota a další povětrnostní podmínky, chybný nebo nesprávný způsob stavby stanu a běžné opotřebení mohou vést k takové funkci stanu, která se může lišit od uvedeného hodnocení.

Více informací a tipů pro údržbu naleznete na internetových stránkách outwell.com

S pozdravem, TÝM OUTWELL

Quick & Quiet® Spínací magnety jsou pružné, takže je možné narovnat do potřebného tvaru. Doporučujeme, aby byly skladovány na plocho v momentě balení stanu pro prevenci poškození.

*Patented.

Please direct product claims and problems to your supplying Outwell dealer.
Bei Garantiefragen und Problemen mit Produkten wenden Sie sich bitte an den Outwell-Händler, bei dem Sie das Produkt gekauft haben.
Henvendelse vedrørende reklamationer og problemer skal ske til din Outwell forhandler.
Vennligst rett produktkrav og problemer til Outwell-forhandleren din.
Veuillez adresser les réclamations concernant les produits et vos questions au revendeur Outwell qui vous a fourni le produit.
Als u klachten of vragen hebt over producten, neemt u contact op met uw Outwell-dealer.
S veškerými požadavky týkajícími se produktů se obracejte na svého dodavatele produktů Outwell.
